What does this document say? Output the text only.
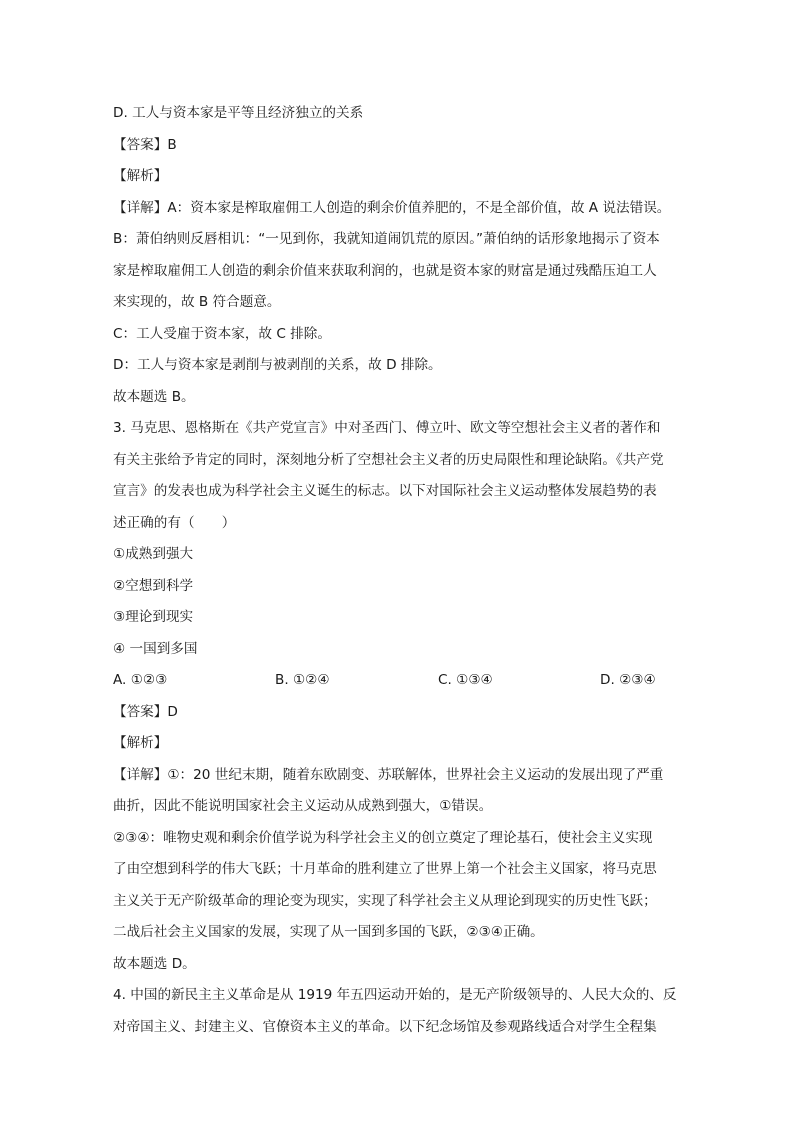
D. 工人与资本家是平等且经济独立的关系
【答案】B
【解析】
【详解】A：资本家是榨取雇佣工人创造的剩余价值养肥的，不是全部价值，故 A 说法错误。
B：萧伯纳则反唇相讥：“一见到你，我就知道闹饥荒的原因。”萧伯纳的话形象地揭示了资本
家是榨取雇佣工人创造的剩余价值来获取利润的，也就是资本家的财富是通过残酷压迫工人
来实现的，故 B 符合题意。
C：工人受雇于资本家，故 C 排除。
D：工人与资本家是剥削与被剥削的关系，故 D 排除。
故本题选 B。
3. 马克思、恩格斯在《共产党宣言》中对圣西门、傅立叶、欧文等空想社会主义者的著作和
有关主张给予肯定的同时，深刻地分析了空想社会主义者的历史局限性和理论缺陷。《共产党
宣言》的发表也成为科学社会主义诞生的标志。以下对国际社会主义运动整体发展趋势的表
述正确的有（　　）
①成熟到强大
②空想到科学
③理论到现实
④ 一国到多国
A. ①②③	B. ①②④	C. ①③④	D. ②③④
【答案】D
【解析】
【详解】①：20 世纪末期，随着东欧剧变、苏联解体，世界社会主义运动的发展出现了严重
曲折，因此不能说明国家社会主义运动从成熟到强大，①错误。
②③④：唯物史观和剩余价值学说为科学社会主义的创立奠定了理论基石，使社会主义实现
了由空想到科学的伟大飞跃；十月革命的胜利建立了世界上第一个社会主义国家，将马克思
主义关于无产阶级革命的理论变为现实，实现了科学社会主义从理论到现实的历史性飞跃；
二战后社会主义国家的发展，实现了从一国到多国的飞跃，②③④正确。
故本题选 D。
4. 中国的新民主主义革命是从 1919 年五四运动开始的，是无产阶级领导的、人民大众的、反
对帝国主义、封建主义、官僚资本主义的革命。以下纪念场馆及参观路线适合对学生全程集
